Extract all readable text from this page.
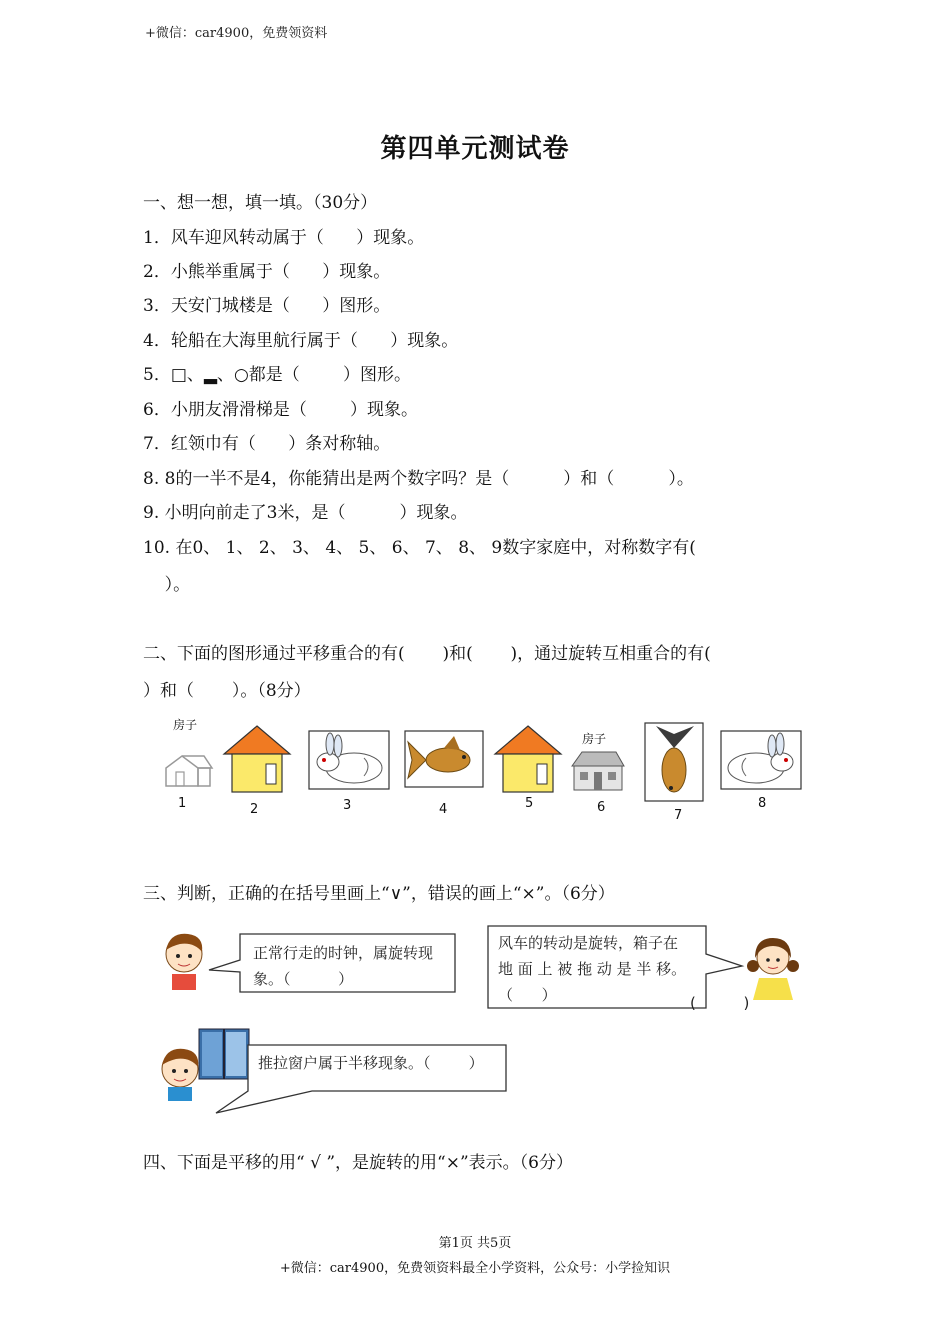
+微信：car4900，免费领资料
第四单元测试卷
一、想一想，填一填。（30分）
1．风车迎风转动属于（      ）现象。
2．小熊举重属于（      ）现象。
3．天安门城楼是（      ）图形。
4．轮船在大海里航行属于（      ）现象。
5．□、▂、○都是（        ）图形。
6．小朋友滑滑梯是（        ）现象。
7．红领巾有（      ）条对称轴。
8. 8的一半不是4，你能猜出是两个数字吗？是（          ）和（          ）。
9. 小明向前走了3米，是（          ）现象。
10. 在0、 1、 2、 3、 4、 5、 6、 7、 8、 9数字家庭中，对称数字有(
）。
二、下面的图形通过平移重合的有(       )和(       )，通过旋转互相重合的有(
）和（       ）。（8分）
房子
1	2	3	4	5
房子
6
7
8
三、判断，正确的在括号里画上“∨”，错误的画上“×”。（6分）
正常行走的时钟，属旋转现
象。（          ）
风车的转动是旋转，箱子在
地 面 上 被 拖 动 是 半 移。
（      ）	(          )
推拉窗户属于半移现象。（        ）
四、下面是平移的用“ √ ”，是旋转的用“×”表示。（6分）
第1页 共5页
+微信：car4900，免费领资料最全小学资料，公众号：小学捡知识
